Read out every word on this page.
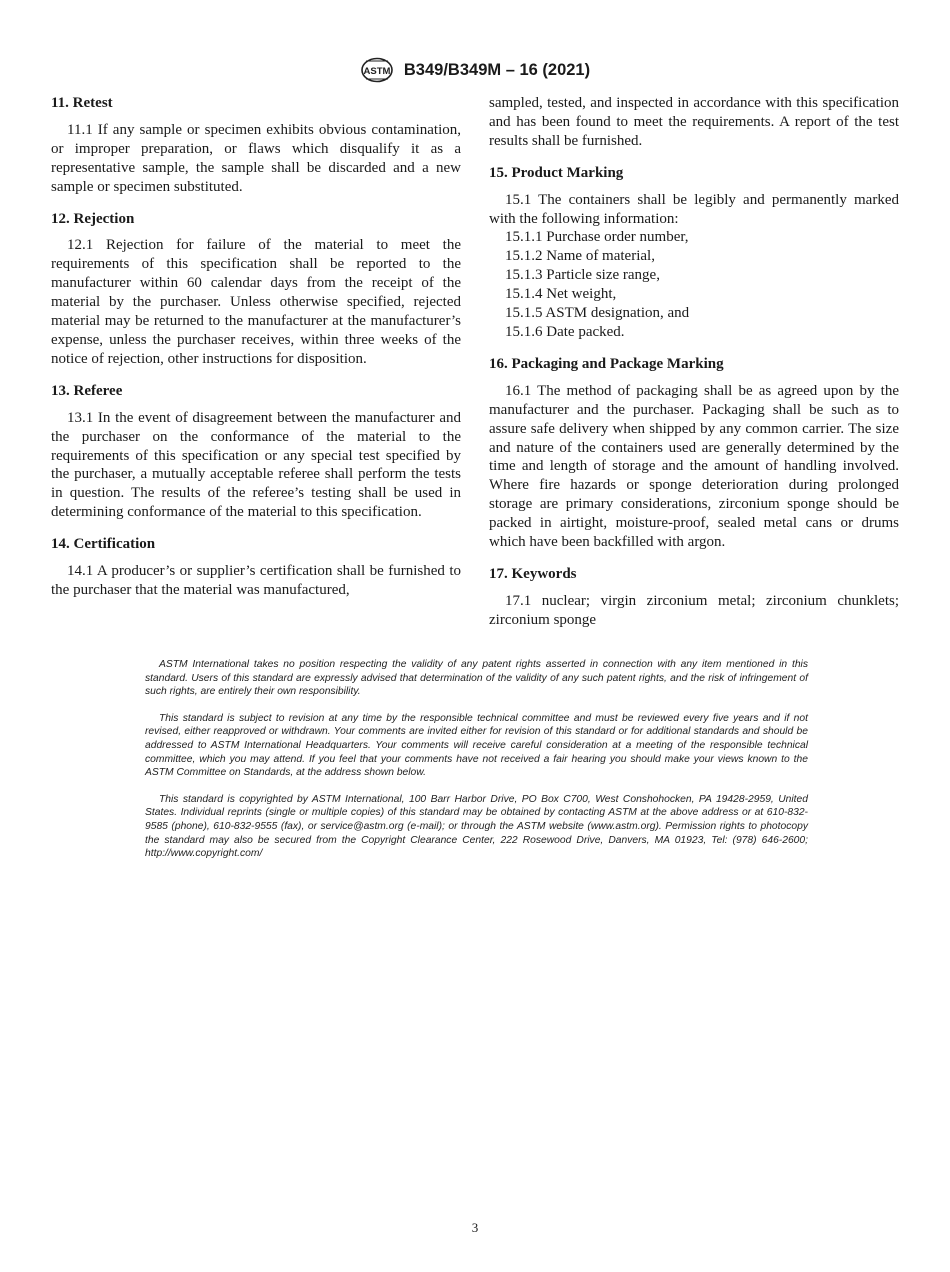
ASTM B349/B349M – 16 (2021)
11. Retest

11.1 If any sample or specimen exhibits obvious contamination, or improper preparation, or flaws which disqualify it as a representative sample, the sample shall be discarded and a new sample or specimen substituted.

12. Rejection

12.1 Rejection for failure of the material to meet the requirements of this specification shall be reported to the manufacturer within 60 calendar days from the receipt of the material by the purchaser. Unless otherwise specified, rejected material may be returned to the manufacturer at the manufacturer’s expense, unless the purchaser receives, within three weeks of the notice of rejection, other instructions for disposition.

13. Referee

13.1 In the event of disagreement between the manufacturer and the purchaser on the conformance of the material to the requirements of this specification or any special test specified by the purchaser, a mutually acceptable referee shall perform the tests in question. The results of the referee’s testing shall be used in determining conformance of the material to this specification.

14. Certification

14.1 A producer’s or supplier’s certification shall be furnished to the purchaser that the material was manufactured,

sampled, tested, and inspected in accordance with this specification and has been found to meet the requirements. A report of the test results shall be furnished.

15. Product Marking

15.1 The containers shall be legibly and permanently marked with the following information:

15.1.1 Purchase order number,

15.1.2 Name of material,

15.1.3 Particle size range,

15.1.4 Net weight,

15.1.5 ASTM designation, and

15.1.6 Date packed.

16. Packaging and Package Marking

16.1 The method of packaging shall be as agreed upon by the manufacturer and the purchaser. Packaging shall be such as to assure safe delivery when shipped by any common carrier. The size and nature of the containers used are generally determined by the time and length of storage and the amount of handling involved. Where fire hazards or sponge deterioration during prolonged storage are primary considerations, zirconium sponge should be packed in airtight, moisture-proof, sealed metal cans or drums which have been backfilled with argon.

17. Keywords

17.1 nuclear; virgin zirconium metal; zirconium chunklets; zirconium sponge

ASTM International takes no position respecting the validity of any patent rights asserted in connection with any item mentioned in this standard. Users of this standard are expressly advised that determination of the validity of any such patent rights, and the risk of infringement of such rights, are entirely their own responsibility.

This standard is subject to revision at any time by the responsible technical committee and must be reviewed every five years and if not revised, either reapproved or withdrawn. Your comments are invited either for revision of this standard or for additional standards and should be addressed to ASTM International Headquarters. Your comments will receive careful consideration at a meeting of the responsible technical committee, which you may attend. If you feel that your comments have not received a fair hearing you should make your views known to the ASTM Committee on Standards, at the address shown below.

This standard is copyrighted by ASTM International, 100 Barr Harbor Drive, PO Box C700, West Conshohocken, PA 19428-2959, United States. Individual reprints (single or multiple copies) of this standard may be obtained by contacting ASTM at the above address or at 610-832-9585 (phone), 610-832-9555 (fax), or service@astm.org (e-mail); or through the ASTM website (www.astm.org). Permission rights to photocopy the standard may also be secured from the Copyright Clearance Center, 222 Rosewood Drive, Danvers, MA 01923, Tel: (978) 646-2600; http://www.copyright.com/

3
